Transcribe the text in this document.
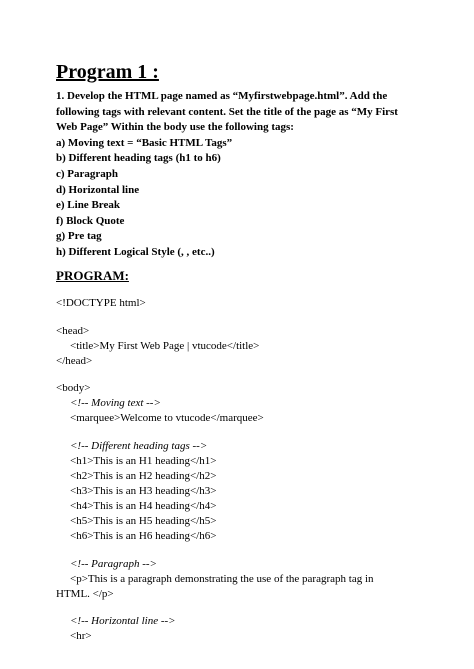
Program 1 :
1. Develop the HTML page named as “Myfirstwebpage.html”. Add the
following tags with relevant content. Set the title of the page as “My First
Web Page” Within the body use the following tags:
a) Moving text = “Basic HTML Tags”
b) Different heading tags (h1 to h6)
c) Paragraph
d) Horizontal line
e) Line Break
f) Block Quote
g) Pre tag
h) Different Logical Style (, , etc..)
PROGRAM:
<!DOCTYPE html>
<head>
<title>My First Web Page | vtucode</title>
</head>
<body>
<!-- Moving text -->
<marquee>Welcome to vtucode</marquee>
<!-- Different heading tags -->
<h1>This is an H1 heading</h1>
<h2>This is an H2 heading</h2>
<h3>This is an H3 heading</h3>
<h4>This is an H4 heading</h4>
<h5>This is an H5 heading</h5>
<h6>This is an H6 heading</h6>
<!-- Paragraph -->
<p>This is a paragraph demonstrating the use of the paragraph tag in
HTML. </p>
<!-- Horizontal line -->
<hr>
